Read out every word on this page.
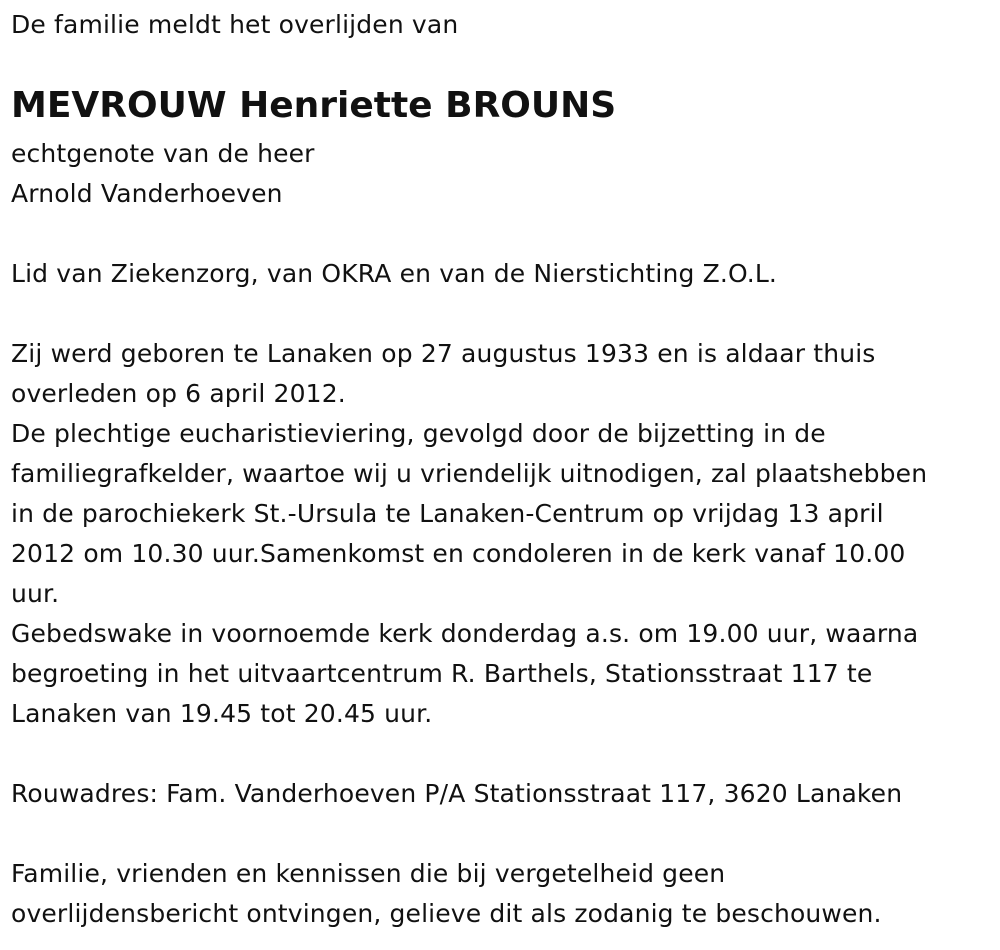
De familie meldt het overlijden van

MEVROUW Henriette BROUNS

echtgenote van de heer

Arnold Vanderhoeven

Lid van Ziekenzorg, van OKRA en van de Nierstichting Z.O.L.

Zij werd geboren te Lanaken op 27 augustus 1933 en is aldaar thuis

overleden op 6 april 2012.

De plechtige eucharistieviering, gevolgd door de bijzetting in de

familiegrafkelder, waartoe wij u vriendelijk uitnodigen, zal plaatshebben

in de parochiekerk St.-Ursula te Lanaken-Centrum op vrijdag 13 april

2012 om 10.30 uur.Samenkomst en condoleren in de kerk vanaf 10.00

uur.

Gebedswake in voornoemde kerk donderdag a.s. om 19.00 uur, waarna

begroeting in het uitvaartcentrum R. Barthels, Stationsstraat 117 te

Lanaken van 19.45 tot 20.45 uur.

Rouwadres: Fam. Vanderhoeven P/A Stationsstraat 117, 3620 Lanaken

Familie, vrienden en kennissen die bij vergetelheid geen

overlijdensbericht ontvingen, gelieve dit als zodanig te beschouwen.
